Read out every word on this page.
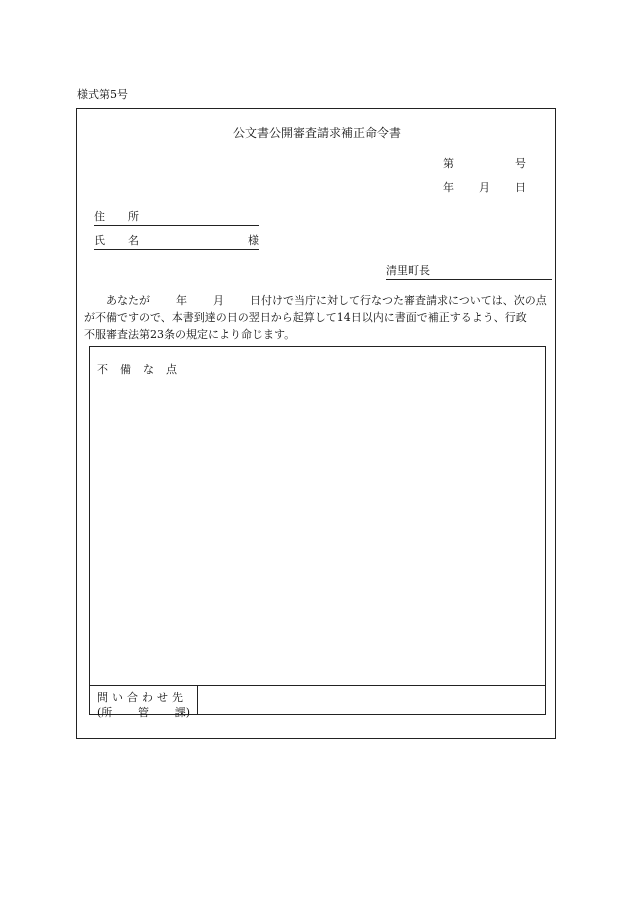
様式第5号
公文書公開審査請求補正命令書
第	号
年 月 日
住　所
氏　名	様
清里町長
あなたが 年 月 日付けで当庁に対して行なつた審査請求については、次の点
が不備ですので、本書到達の日の翌日から起算して14日以内に書面で補正するよう、行政
不服審査法第23条の規定により命じます。
不備な点
問い合わせ先
(所 管 課)
